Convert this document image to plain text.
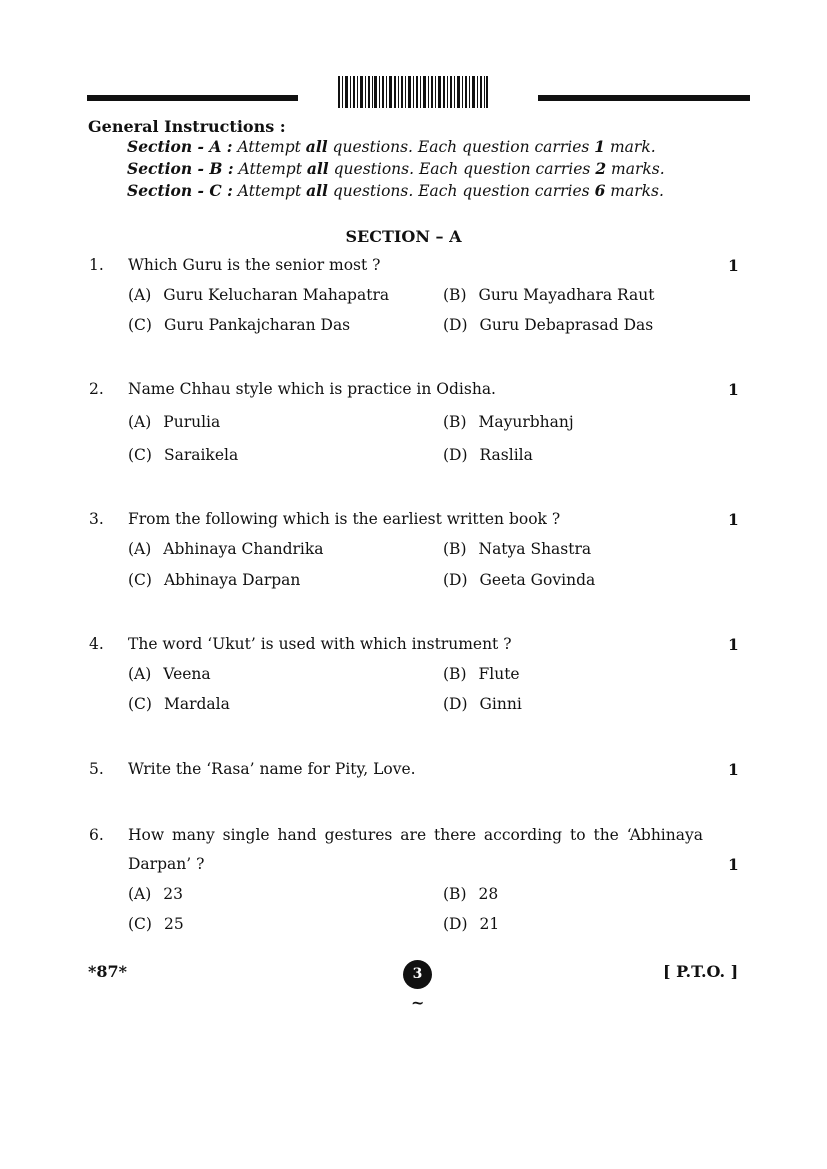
General Instructions :
Section - A : Attempt all questions. Each question carries 1 mark.
Section - B : Attempt all questions. Each question carries 2 marks.
Section - C : Attempt all questions. Each question carries 6 marks.
SECTION – A
1. Which Guru is the senior most ?	1
(A) Guru Kelucharan Mahapatra	(B) Guru Mayadhara Raut
(C) Guru Pankajcharan Das	(D) Guru Debaprasad Das
2. Name Chhau style which is practice in Odisha.	1
(A) Purulia	(B) Mayurbhanj
(C) Saraikela	(D) Raslila
3. From the following which is the earliest written book ?	1
(A) Abhinaya Chandrika	(B) Natya Shastra
(C) Abhinaya Darpan	(D) Geeta Govinda
4. The word ‘Ukut’ is used with which instrument ?	1
(A) Veena	(B) Flute
(C) Mardala	(D) Ginni
5. Write the ‘Rasa’ name for Pity, Love.	1
6. How many single hand gestures are there according to the ‘Abhinaya
Darpan’ ?	1
(A) 23	(B) 28
(C) 25	(D) 21
*87*	3
~
[ P.T.O. ]
